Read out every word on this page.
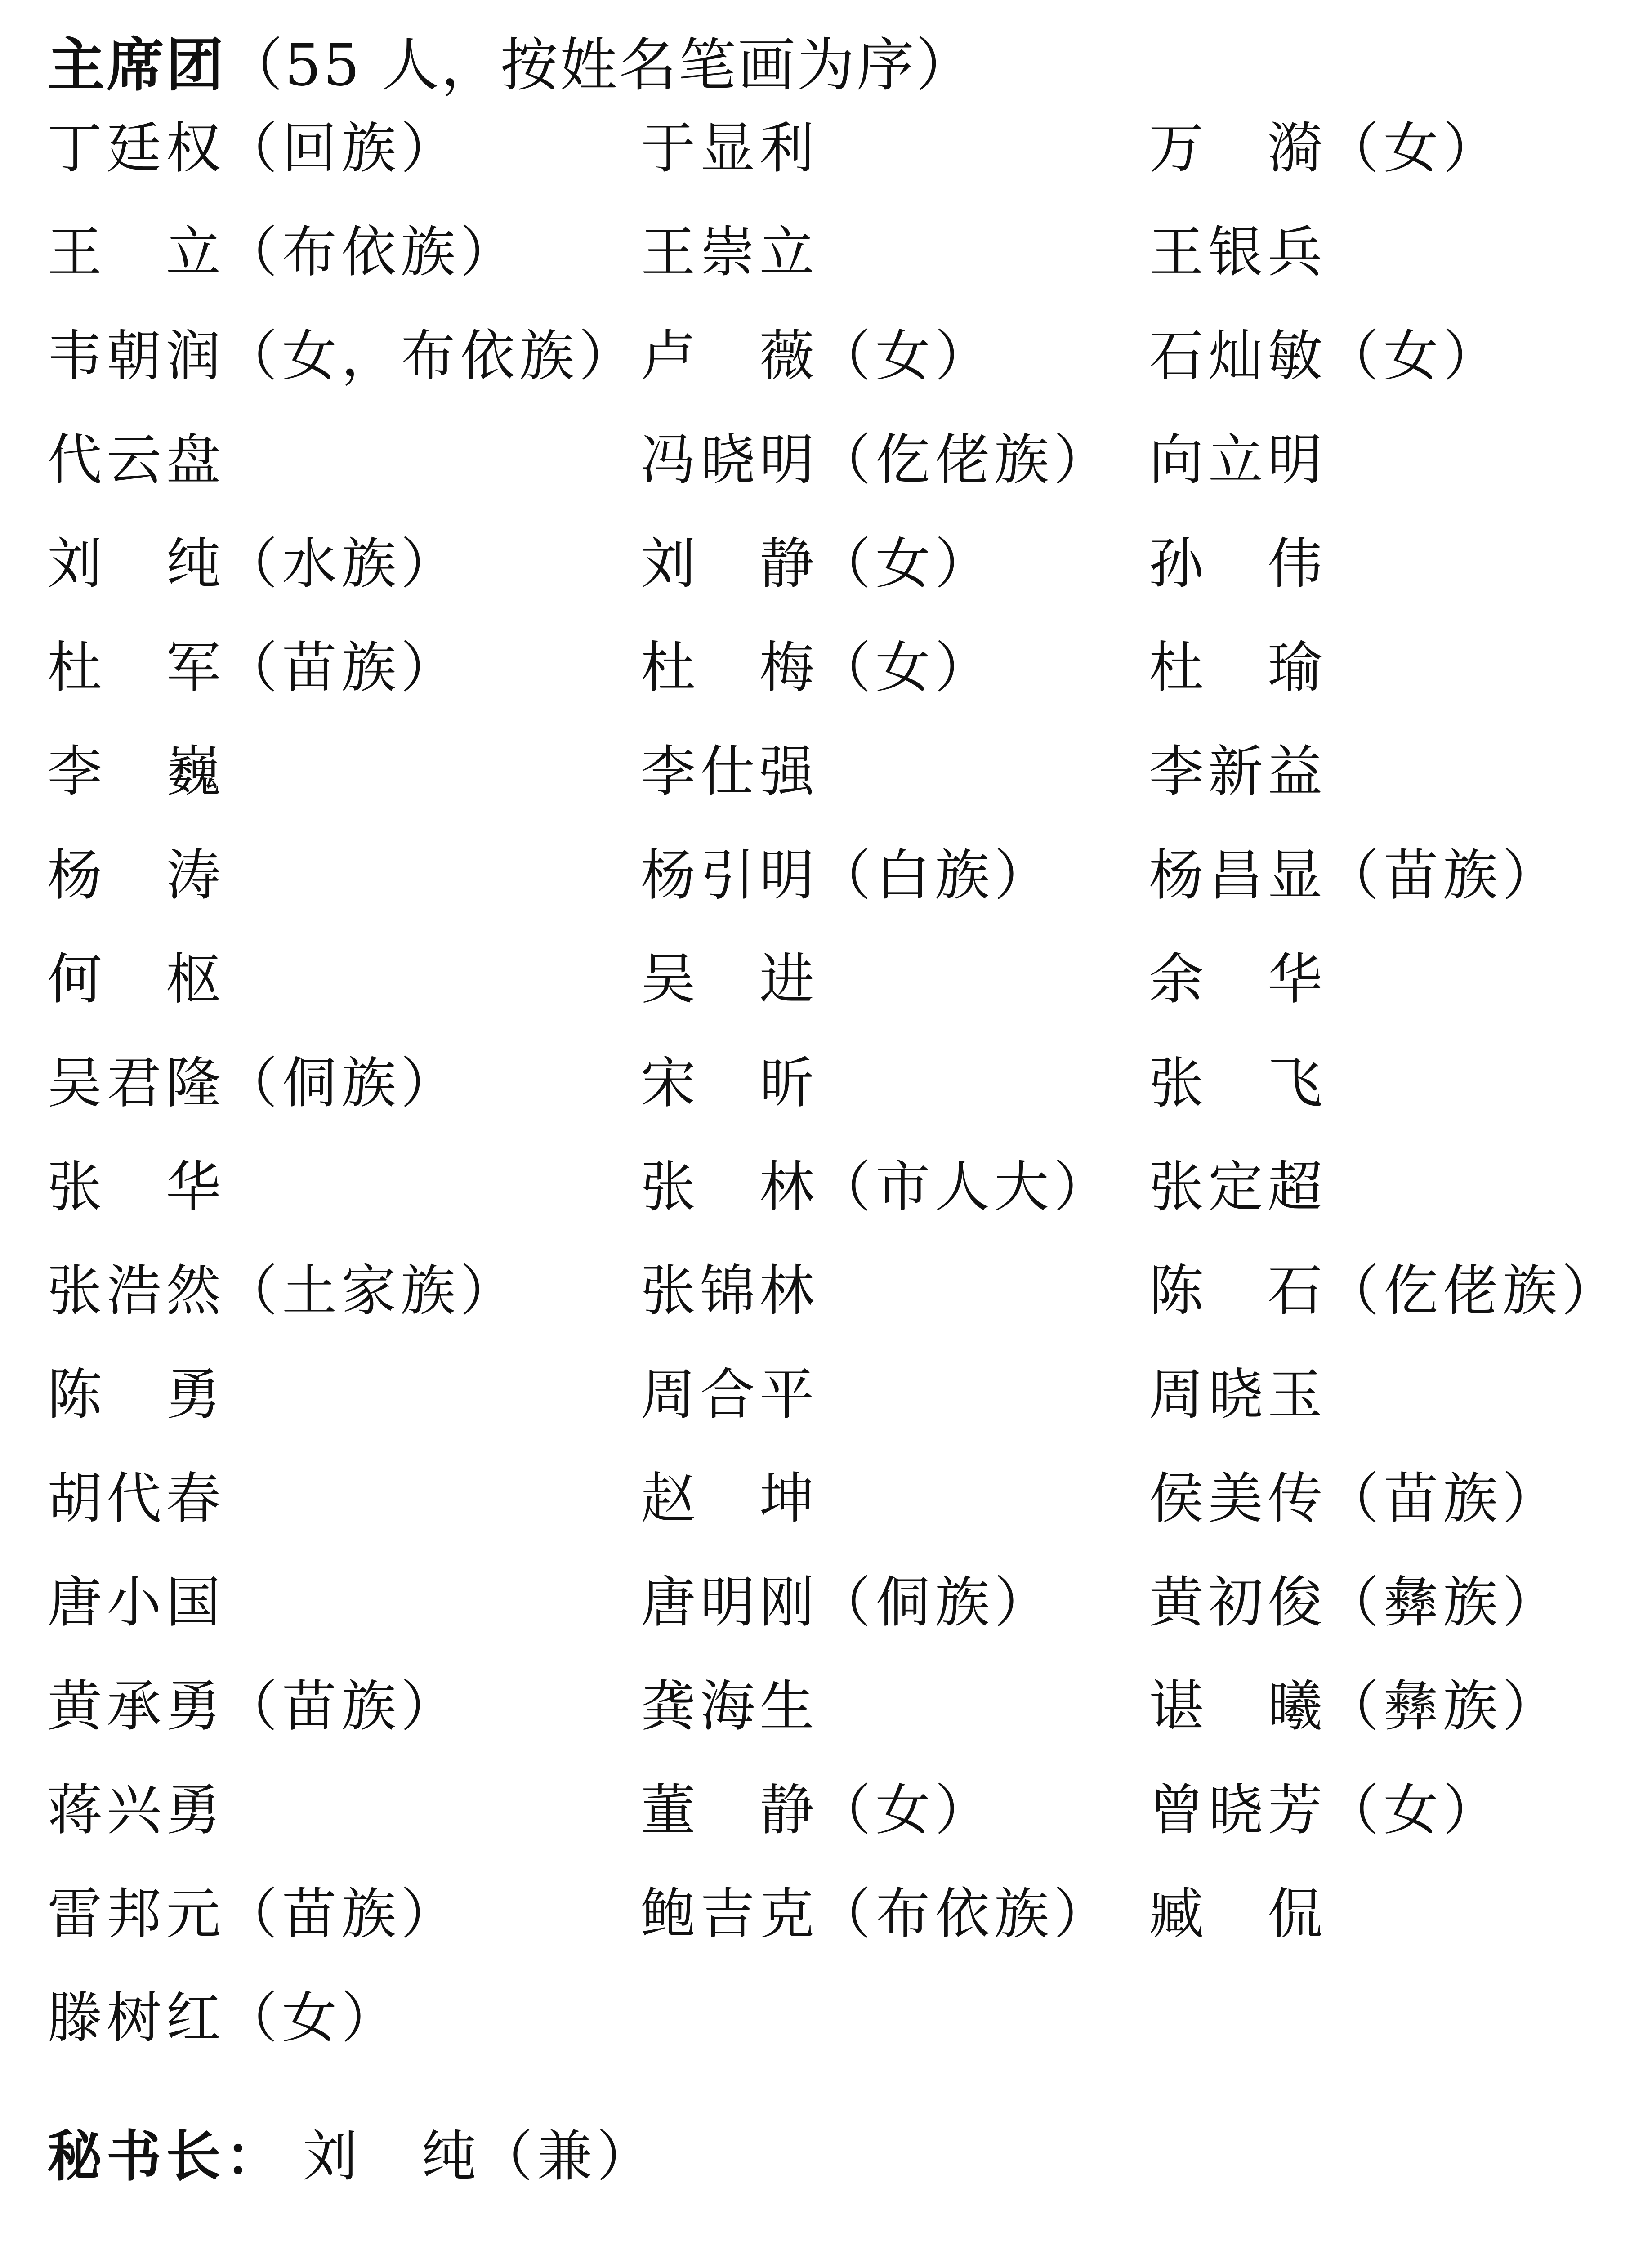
主席团（55 人，按姓名笔画为序）
丁廷权（回族）	于显利	万　漪（女）
王　立（布依族）	王崇立	王银兵
韦朝润（女，布依族） 卢　薇（女）	石灿敏（女）
代云盘	冯晓明（仡佬族） 向立明
刘　纯（水族）	刘　静（女）	孙　伟
杜　军（苗族）	杜　梅（女）	杜　瑜
李　巍	李仕强	李新益
杨　涛	杨引明（白族）	杨昌显（苗族）
何　枢	吴　进	余　华
吴君隆（侗族）	宋　昕	张　飞
张　华	张　林（市人大） 张定超
张浩然（土家族）	张锦林	陈　石（仡佬族）
陈　勇	周合平	周晓玉
胡代春	赵　坤	侯美传（苗族）
唐小国	唐明刚（侗族）	黄初俊（彝族）
黄承勇（苗族）	龚海生	谌　曦（彝族）
蒋兴勇	董　静（女）	曾晓芳（女）
雷邦元（苗族）	鲍吉克（布依族） 臧　侃
滕树红（女）
秘书长： 刘　纯（兼）
